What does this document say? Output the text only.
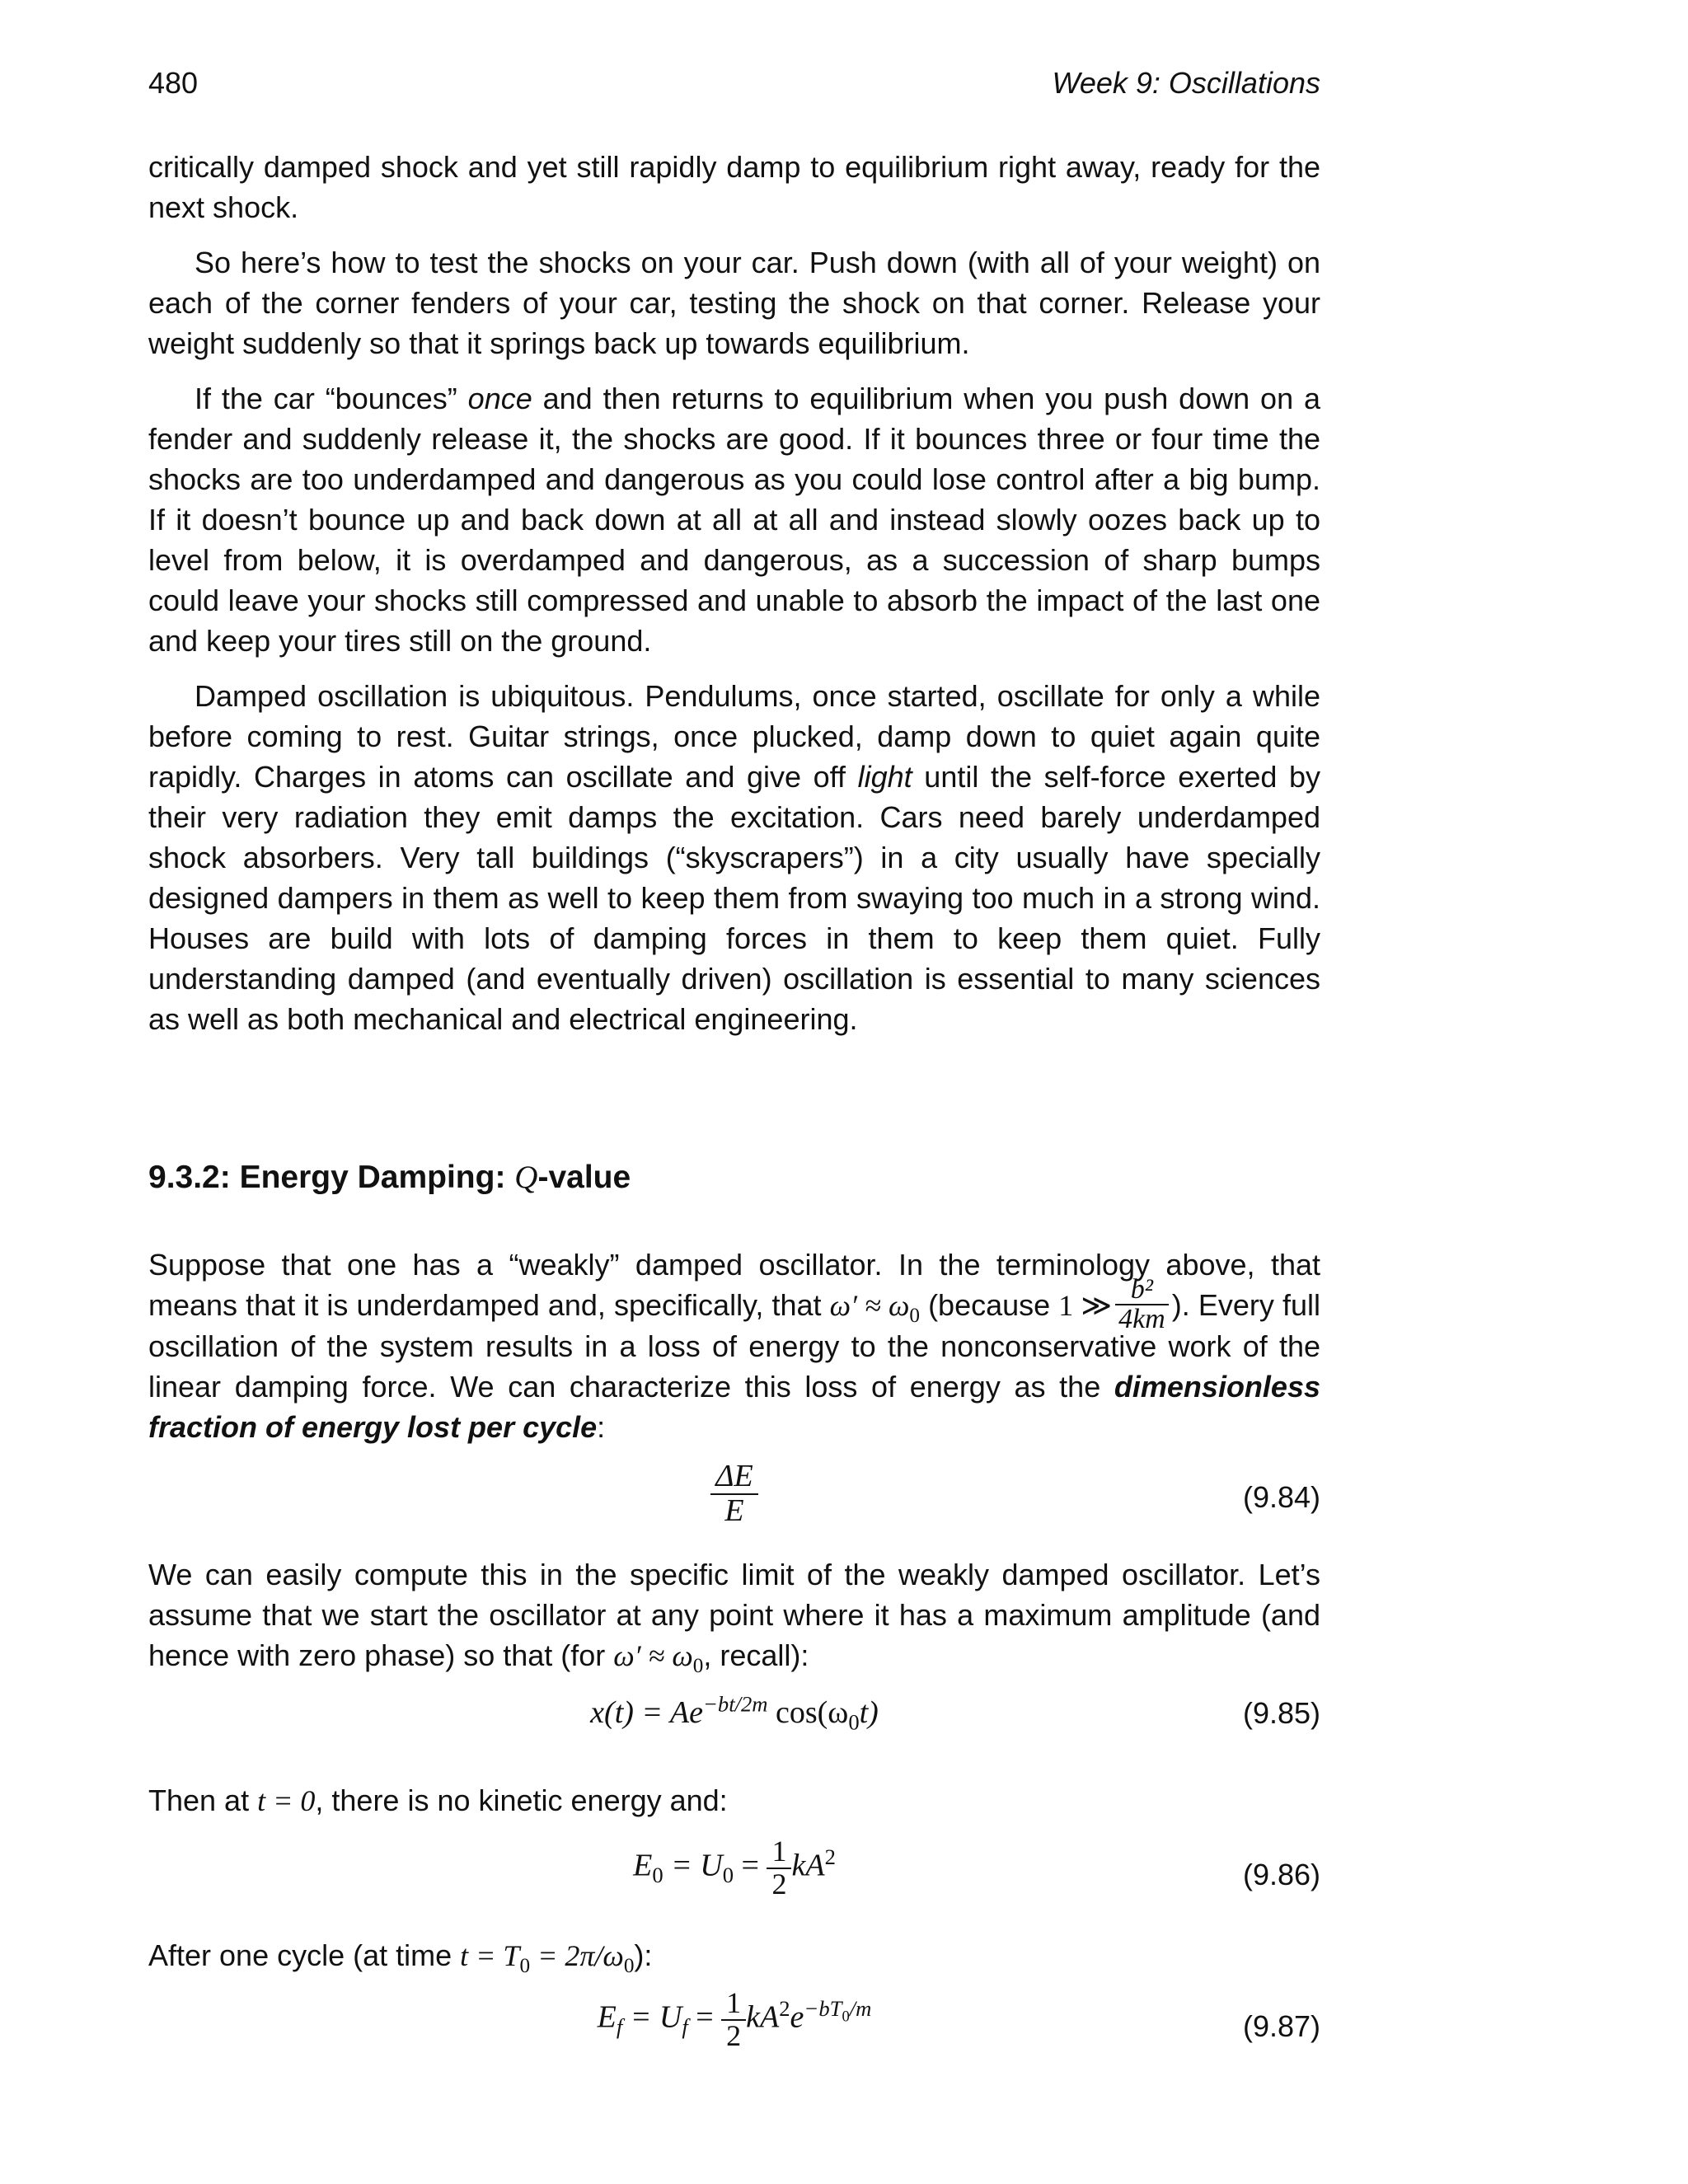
480	Week 9: Oscillations

critically damped shock and yet still rapidly damp to equilibrium right away, ready for the next shock.

So here’s how to test the shocks on your car. Push down (with all of your weight) on each of the corner fenders of your car, testing the shock on that corner. Release your weight suddenly so that it springs back up towards equilibrium.

If the car “bounces” once and then returns to equilibrium when you push down on a fender and suddenly release it, the shocks are good. If it bounces three or four time the shocks are too underdamped and dangerous as you could lose control after a big bump. If it doesn’t bounce up and back down at all at all and instead slowly oozes back up to level from below, it is overdamped and dangerous, as a succession of sharp bumps could leave your shocks still compressed and unable to absorb the impact of the last one and keep your tires still on the ground.

Damped oscillation is ubiquitous. Pendulums, once started, oscillate for only a while before coming to rest. Guitar strings, once plucked, damp down to quiet again quite rapidly. Charges in atoms can oscillate and give off light until the self-force exerted by their very radiation they emit damps the excitation. Cars need barely underdamped shock absorbers. Very tall buildings (“skyscrapers”) in a city usually have specially designed dampers in them as well to keep them from swaying too much in a strong wind. Houses are build with lots of damping forces in them to keep them quiet. Fully understanding damped (and eventually driven) oscillation is essential to many sciences as well as both mechanical and electrical engineering.

9.3.2: Energy Damping: Q-value

Suppose that one has a “weakly” damped oscillator. In the terminology above, that means that it is underdamped and, specifically, that $\omega' \approx \omega_0$ (because 1 ≫ $\frac{\text{b²}}{4km}$ ). Every full oscillation of the system results in a loss of energy to the nonconservative work of the linear damping force. We can characterize this loss of energy as the dimensionless fraction of energy lost per cycle:

$\frac{\Delta E}{E}$	(9.84)

We can easily compute this in the specific limit of the weakly damped oscillator. Let’s assume that we start the oscillator at any point where it has a maximum amplitude (and hence with zero phase) so that (for $\omega' \approx \omega_0$, recall):

$x(t) = Ae^{-bt/2m}$ $\cos(\omega_0t)$	(9.85)

Then at t = 0, there is no kinetic energy and:

$E_0 = U_0 = \frac{1}{2} kA^2$
(9.86)

After one cycle (at time $t = T_0 = 2\pi/\omega_0$):

$E_f = U_f = \frac{1}{2} kA^2e^{-bT_0/m}$
(9.87)
